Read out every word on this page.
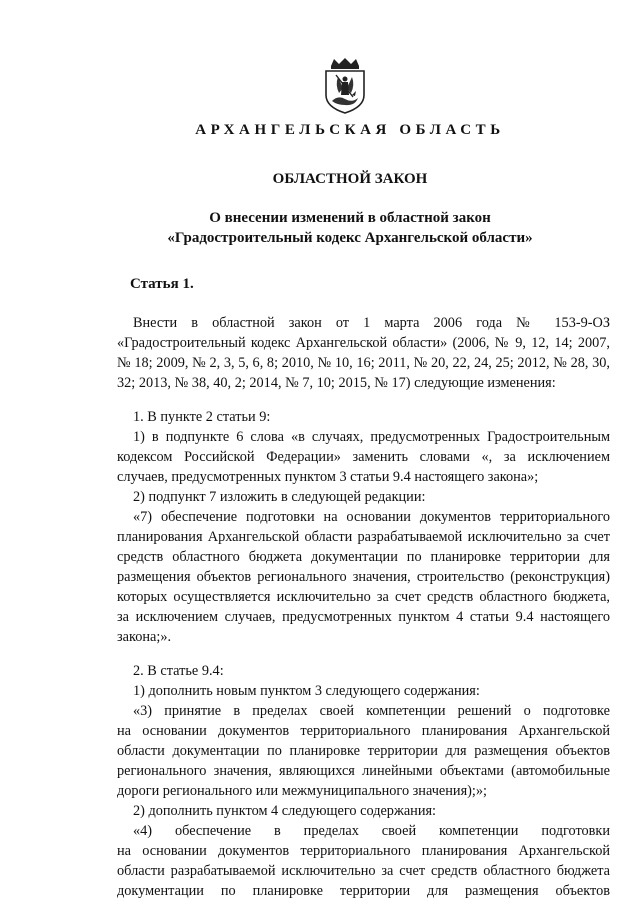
АРХАНГЕЛЬСКАЯ ОБЛАСТЬ
ОБЛАСТНОЙ ЗАКОН
О внесении изменений в областной закон
«Градостроительный кодекс Архангельской области»
Статья 1.
Внести в областной закон от 1 марта 2006 года № 153-9-ОЗ
«Градостроительный кодекс Архангельской области» (2006, № 9, 12, 14; 2007,
№ 18; 2009, № 2, 3, 5, 6, 8; 2010, № 10, 16; 2011, № 20, 22, 24, 25; 2012, № 28, 30,
32; 2013, № 38, 40, 2; 2014, № 7, 10; 2015, № 17) следующие изменения:
1. В пункте 2 статьи 9:
1) в подпункте 6 слова «в случаях, предусмотренных Градостроительным
кодексом Российской Федерации» заменить словами «, за исключением
случаев, предусмотренных пунктом 3 статьи 9.4 настоящего закона»;
2) подпункт 7 изложить в следующей редакции:
«7) обеспечение подготовки на основании документов территориального
планирования Архангельской области разрабатываемой исключительно за счет
средств областного бюджета документации по планировке территории для
размещения объектов регионального значения, строительство (реконструкция)
которых осуществляется исключительно за счет средств областного бюджета,
за исключением случаев, предусмотренных пунктом 4 статьи 9.4 настоящего
закона;».
2. В статье 9.4:
1) дополнить новым пунктом 3 следующего содержания:
«3) принятие в пределах своей компетенции решений о подготовке
на основании документов территориального планирования Архангельской
области документации по планировке территории для размещения объектов
регионального значения, являющихся линейными объектами (автомобильные
дороги регионального или межмуниципального значения);»;
2) дополнить пунктом 4 следующего содержания:
«4) обеспечение в пределах своей компетенции подготовки
на основании документов территориального планирования Архангельской
области разрабатываемой исключительно за счет средств областного бюджета
документации по планировке территории для размещения объектов
